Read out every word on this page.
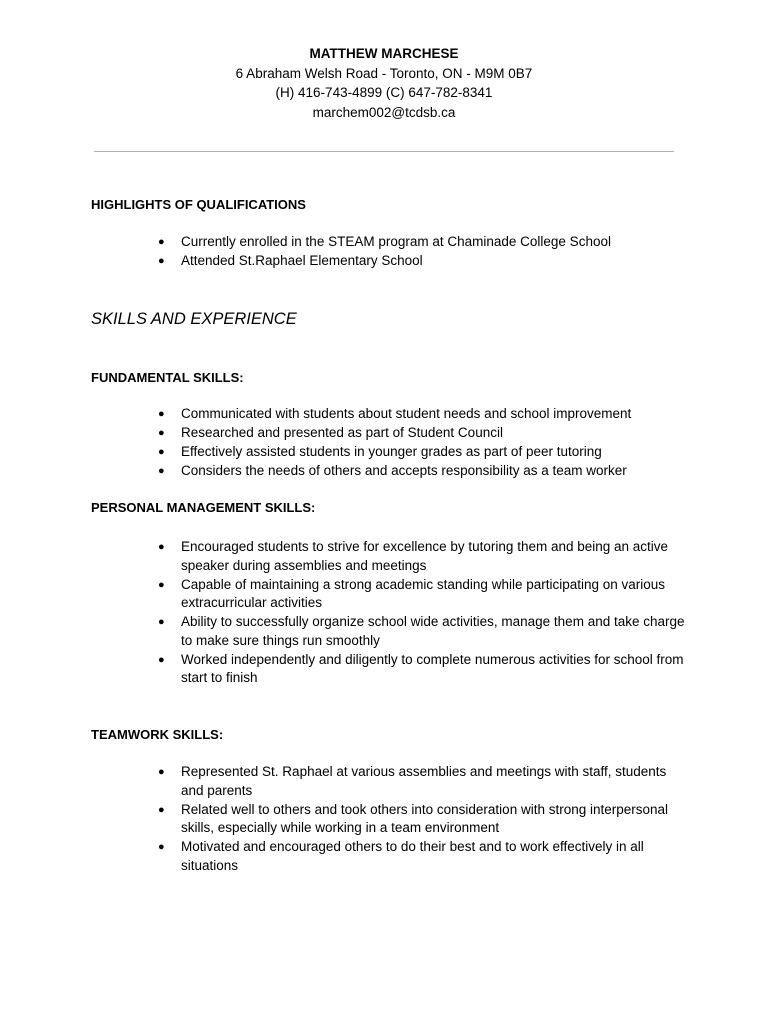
MATTHEW MARCHESE
6 Abraham Welsh Road - Toronto, ON - M9M 0B7
(H) 416-743-4899 (C) 647-782-8341
marchem002@tcdsb.ca
HIGHLIGHTS OF QUALIFICATIONS
● Currently enrolled in the STEAM program at Chaminade College School
● Attended St.Raphael Elementary School
SKILLS AND EXPERIENCE
FUNDAMENTAL SKILLS:
● Communicated with students about student needs and school improvement
● Researched and presented as part of Student Council
● Effectively assisted students in younger grades as part of peer tutoring
● Considers the needs of others and accepts responsibility as a team worker
PERSONAL MANAGEMENT SKILLS:
● Encouraged students to strive for excellence by tutoring them and being an active speaker during assemblies and meetings
● Capable of maintaining a strong academic standing while participating on various extracurricular activities
● Ability to successfully organize school wide activities, manage them and take charge to make sure things run smoothly
● Worked independently and diligently to complete numerous activities for school from start to finish
TEAMWORK SKILLS:
● Represented St. Raphael at various assemblies and meetings with staff, students and parents
● Related well to others and took others into consideration with strong interpersonal skills, especially while working in a team environment
● Motivated and encouraged others to do their best and to work effectively in all situations
